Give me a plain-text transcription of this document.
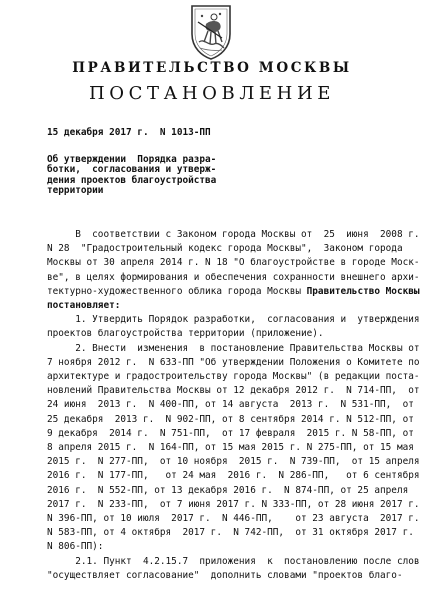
ПРАВИТЕЛЬСТВО МОСКВЫ
ПОСТАНОВЛЕНИЕ
15 декабря 2017 г.  N 1013-ПП
Об утверждении  Порядка разра-
ботки,  согласования и утверж-
дения проектов благоустройства
территории
В  соответствии с Законом города Москвы от  25  июня  2008 г.
N 28  "Градостроительный кодекс города Москвы",  Законом города
Москвы от 30 апреля 2014 г. N 18 "О благоустройстве в городе Моск-
ве", в целях формирования и обеспечения сохранности внешнего архи-
тектурно-художественного облика города Москвы Правительство Москвы
постановляет:
1. Утвердить Порядок разработки,  согласования и  утверждения
проектов благоустройства территории (приложение).
2. Внести  изменения  в постановление Правительства Москвы от
7 ноября 2012 г.  N 633-ПП "Об утверждении Положения о Комитете по
архитектуре и градостроительству города Москвы" (в редакции поста-
новлений Правительства Москвы от 12 декабря 2012 г.  N 714-ПП,  от
24 июня  2013 г.  N 400-ПП, от 14 августа  2013 г.  N 531-ПП,  от
25 декабря  2013 г.  N 902-ПП, от 8 сентября 2014 г. N 512-ПП, от
9 декабря  2014 г.  N 751-ПП,  от 17 февраля  2015 г. N 58-ПП, от
8 апреля 2015 г.  N 164-ПП, от 15 мая 2015 г. N 275-ПП, от 15 мая
2015 г.  N 277-ПП,  от 10 ноября  2015 г.  N 739-ПП,  от 15 апреля
2016 г.  N 177-ПП,   от 24 мая  2016 г.  N 286-ПП,   от 6 сентября
2016 г.  N 552-ПП, от 13 декабря 2016 г.  N 874-ПП, от 25 апреля
2017 г.  N 233-ПП,  от 7 июня 2017 г. N 333-ПП, от 28 июня 2017 г.
N 396-ПП, от 10 июля  2017 г.  N 446-ПП,    от 23 августа  2017 г.
N 583-ПП, от 4 октября  2017 г.  N 742-ПП,  от 31 октября 2017 г.
N 806-ПП):
2.1. Пункт  4.2.15.7  приложения  к  постановлению после слов
"осуществляет согласование"  дополнить словами "проектов благо-
